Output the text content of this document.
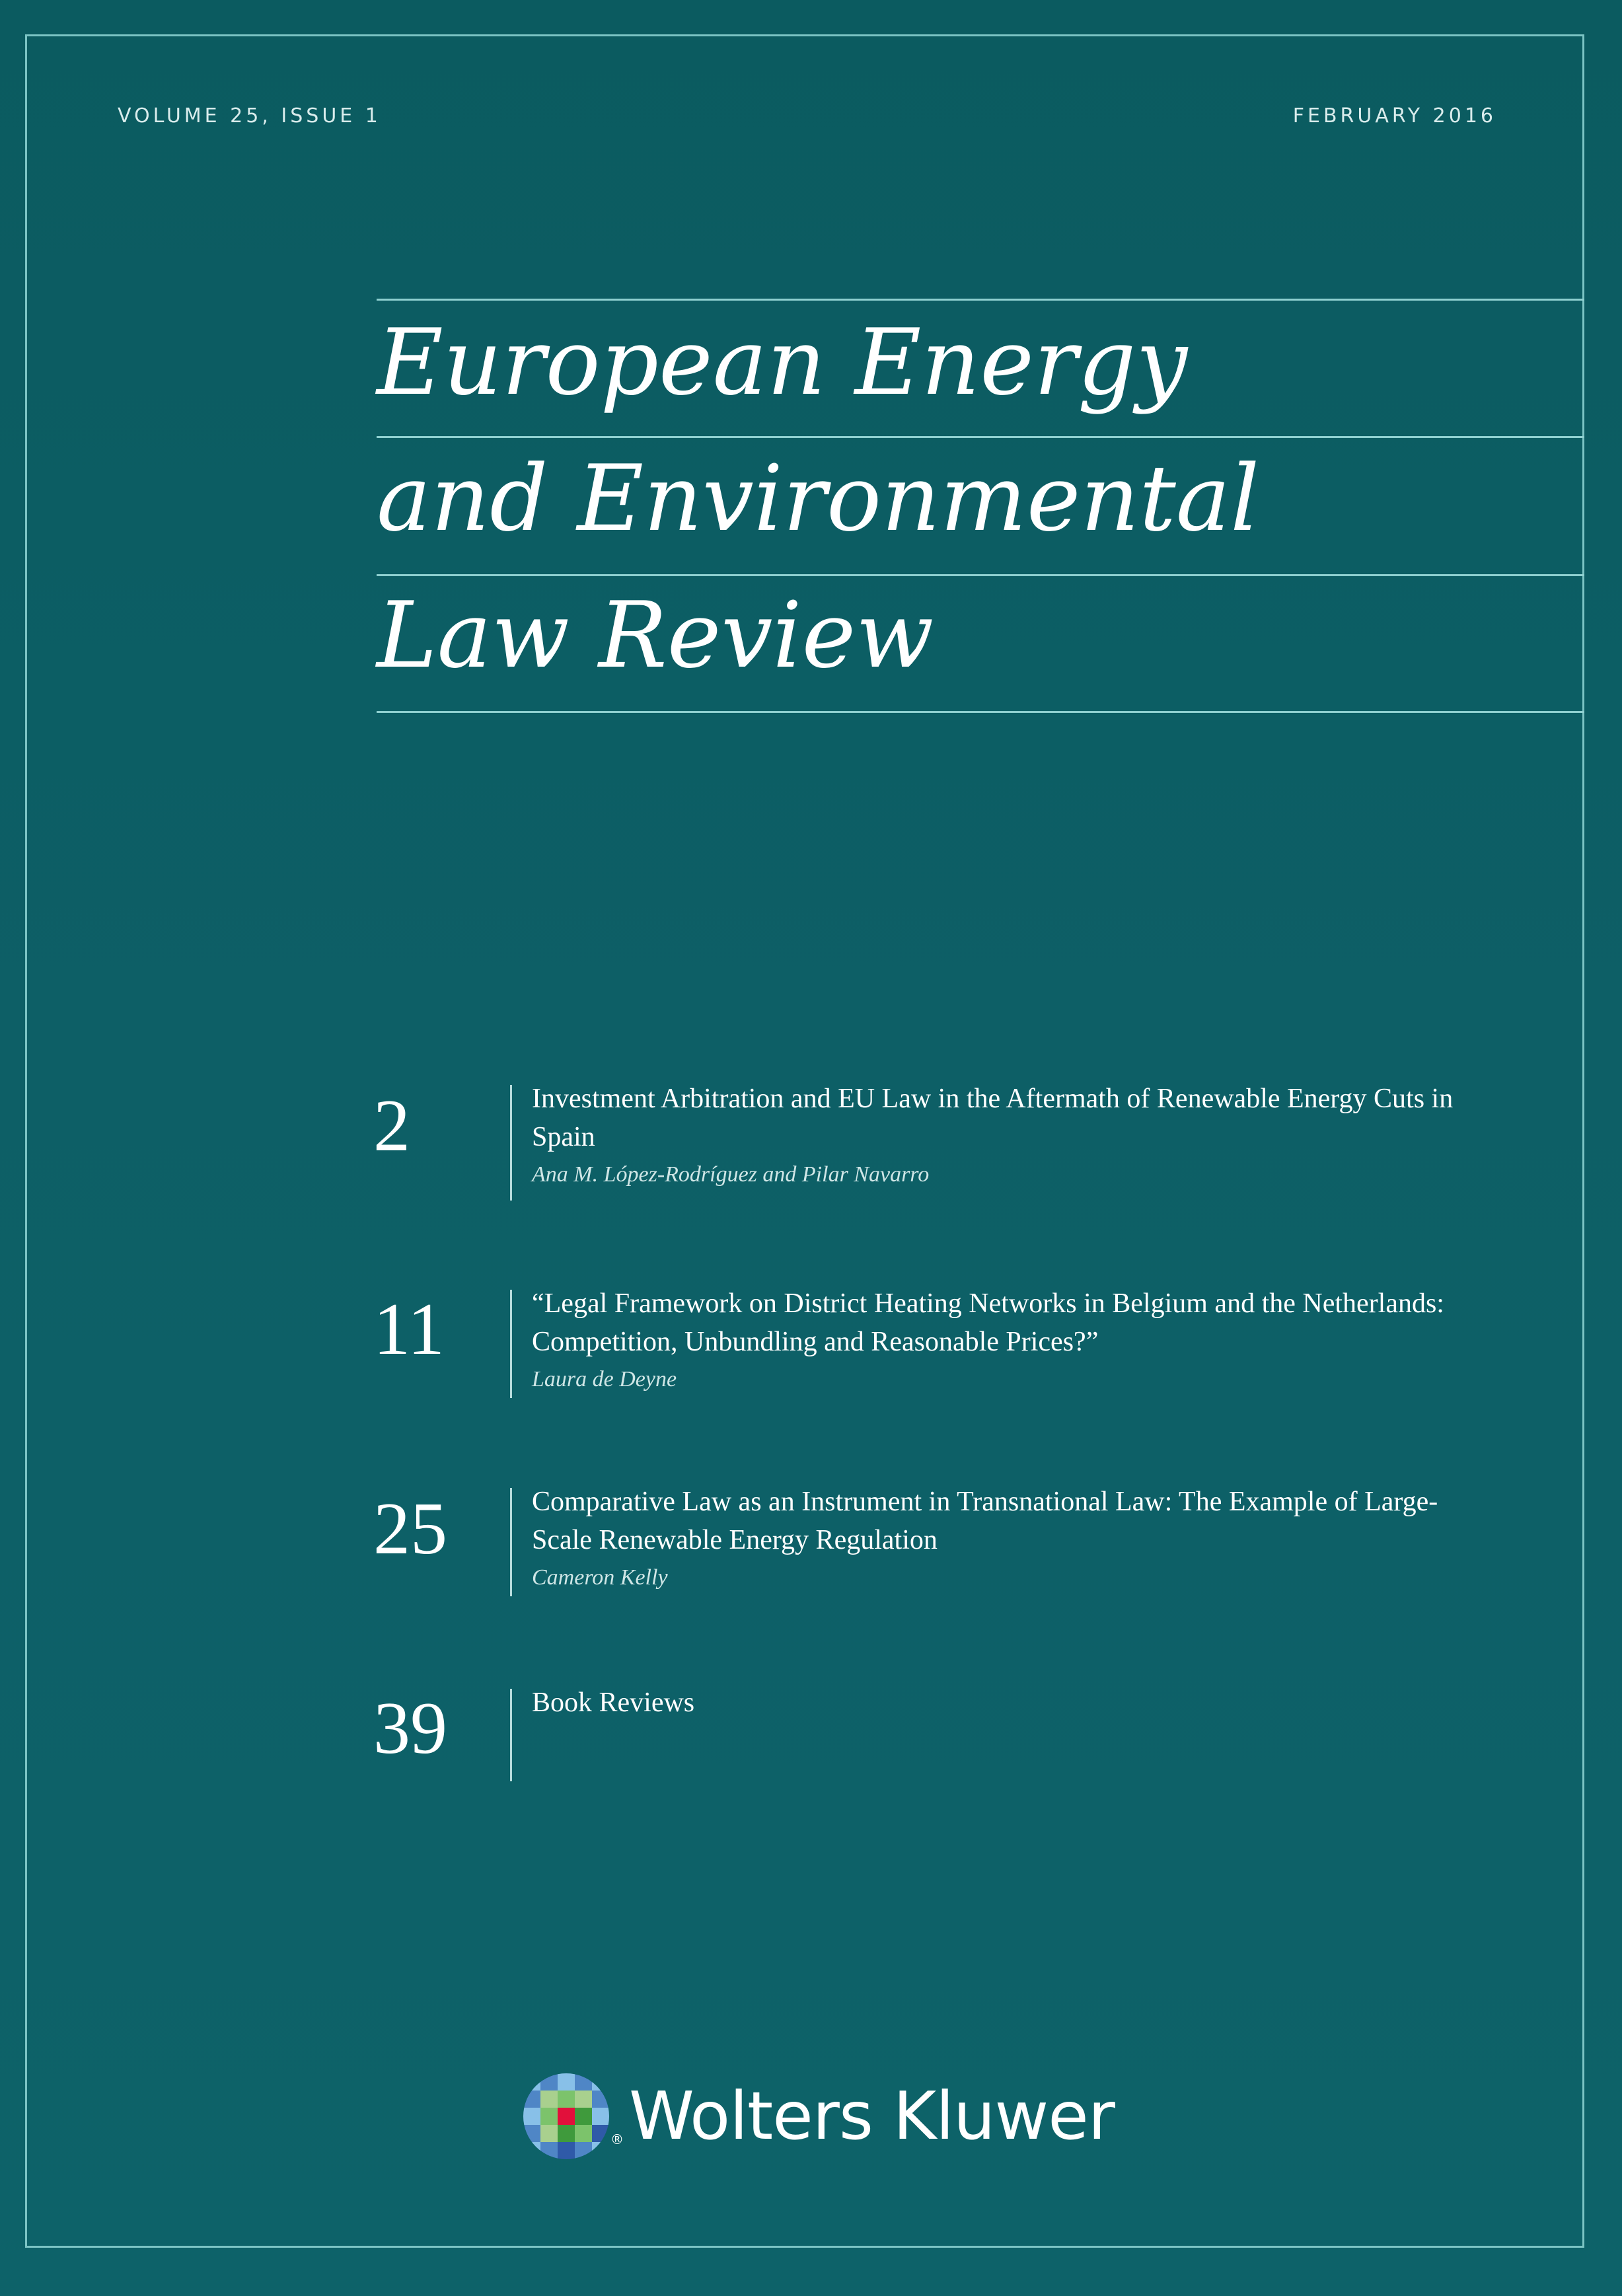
VOLUME 25, ISSUE 1	FEBRUARY 2016
European Energy
and Environmental
Law Review
2	Investment Arbitration and EU Law in the Aftermath of Renewable Energy Cuts in Spain
Ana M. López-Rodríguez and Pilar Navarro
11	“Legal Framework on District Heating Networks in Belgium and the Netherlands: Competition, Unbundling and Reasonable Prices?”
Laura de Deyne
25	Comparative Law as an Instrument in Transnational Law: The Example of Large-Scale Renewable Energy Regulation
Cameron Kelly
39	Book Reviews
® Wolters Kluwer
